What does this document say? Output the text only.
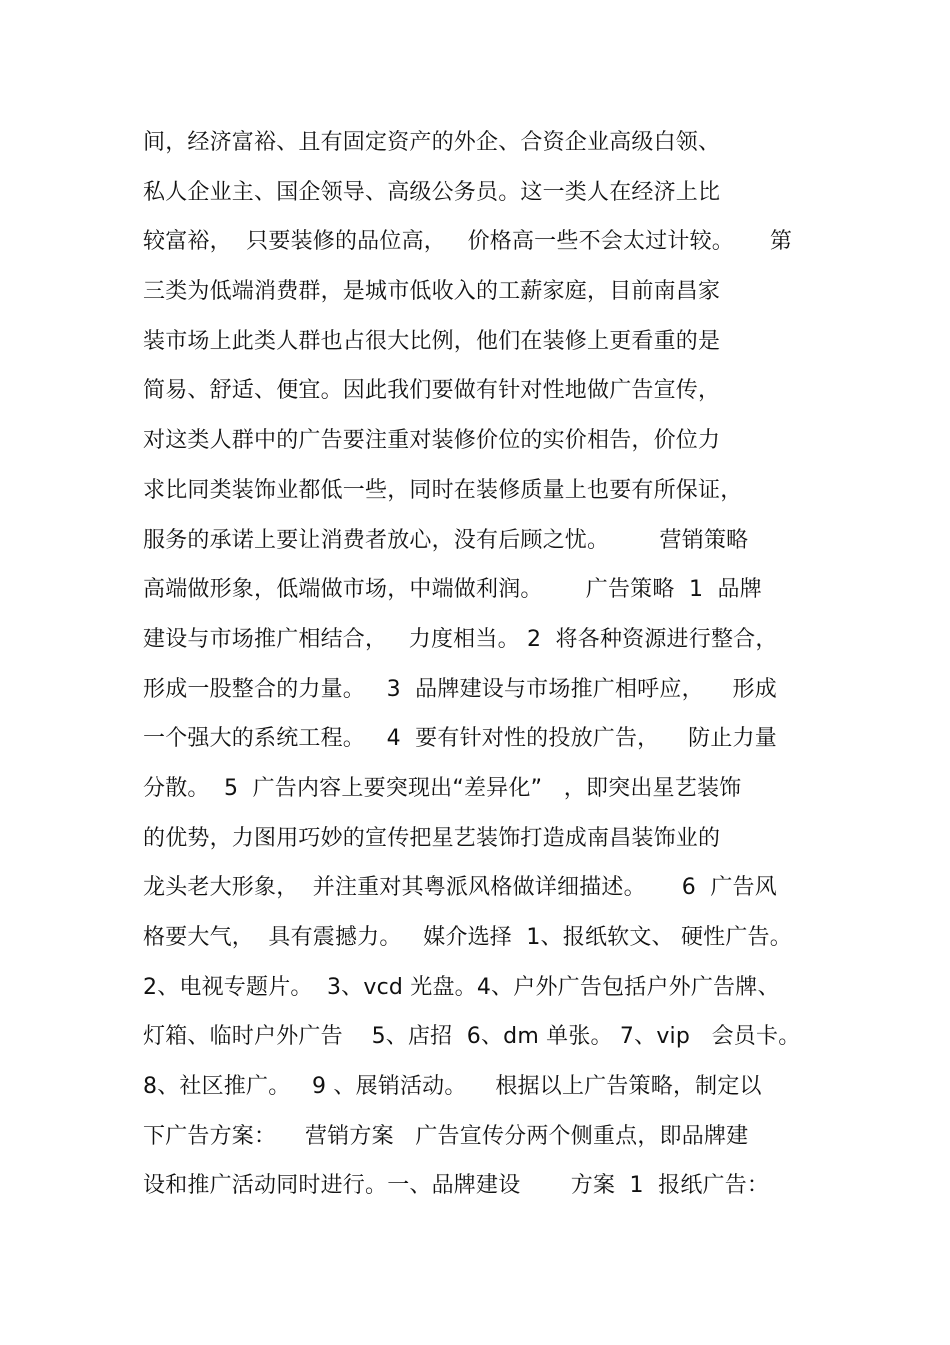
间，经济富裕、且有固定资产的外企、合资企业高级白领、
私人企业主、国企领导、高级公务员。这一类人在经济上比
较富裕，  只要装修的品位高，   价格高一些不会太过计较。     第
三类为低端消费群，是城市低收入的工薪家庭，目前南昌家
装市场上此类人群也占很大比例，他们在装修上更看重的是
简易、舒适、便宜。因此我们要做有针对性地做广告宣传，
对这类人群中的广告要注重对装修价位的实价相告，价位力
求比同类装饰业都低一些，同时在装修质量上也要有所保证，
服务的承诺上要让消费者放心，没有后顾之忧。       营销策略
高端做形象，低端做市场，中端做利润。      广告策略  1  品牌
建设与市场推广相结合，   力度相当。 2  将各种资源进行整合，
形成一股整合的力量。   3  品牌建设与市场推广相呼应，    形成
一个强大的系统工程。   4  要有针对性的投放广告，    防止力量
分散。  5  广告内容上要突现出“差异化”   ，即突出星艺装饰
的优势，力图用巧妙的宣传把星艺装饰打造成南昌装饰业的
龙头老大形象，  并注重对其粤派风格做详细描述。     6  广告风
格要大气，  具有震撼力。   媒介选择  1、报纸软文、 硬性广告。
2、电视专题片。  3、vcd 光盘。4、户外广告包括户外广告牌、
灯箱、临时户外广告    5、店招  6、dm 单张。 7、vip   会员卡。
8、社区推广。   9 、展销活动。    根据以上广告策略，制定以
下广告方案：    营销方案   广告宣传分两个侧重点，即品牌建
设和推广活动同时进行。一、品牌建设       方案  1  报纸广告：
